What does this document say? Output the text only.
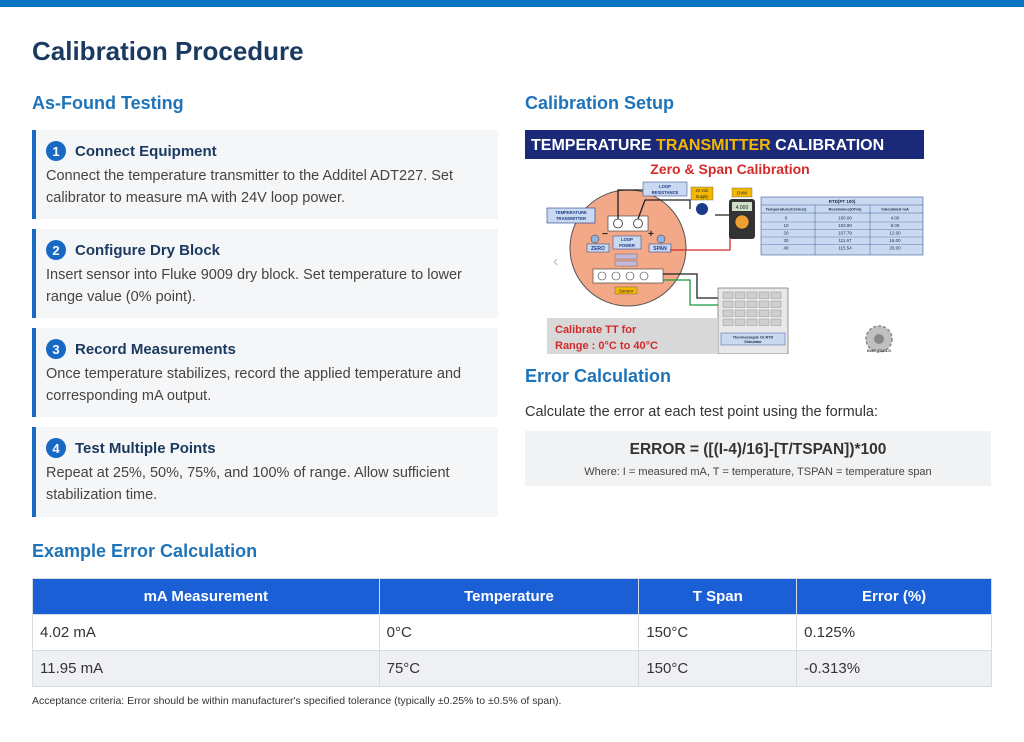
Calibration Procedure
As-Found Testing
1	Connect Equipment
Connect the temperature transmitter to the Additel ADT227. Set calibrator to measure mA with 24V loop power.
2	Configure Dry Block
Insert sensor into Fluke 9009 dry block. Set temperature to lower range value (0% point).
3	Record Measurements
Once temperature stabilizes, record the applied temperature and corresponding mA output.
4	Test Multiple Points
Repeat at 25%, 50%, 75%, and 100% of range. Allow sufficient stabilization time.
Calibration Setup
TEMPERATURE TRANSMITTER CALIBRATION
Zero & Span Calibration
‹
TEMPERATURE
TRANSMITTER
−	+
ZERO	SPAN
LOOP
POWER
Sensor
LOOP
RESISTANCE	24 Vdc
Supply
DVM
4.000
RTD(PT 100)
Temperature(Celsius)	Resistance(Ohm)	Calculated mA
0	100.00	4.00
10	103.90	8.00
20	107.79	12.00
30	111.67	16.00
40	115.54	20.00
Thermocouple Or RTD
Simulator
Calibrate TT for
Range : 0°C to 40°C	INST TOOLS
Error Calculation

Calculate the error at each test point using the formula:

ERROR = ([(I-4)/16]-[T/TSPAN])*100
Where: I = measured mA, T = temperature, TSPAN = temperature span
Example Error Calculation
mA Measurement	Temperature	T Span	Error (%)
4.02 mA	0°C	150°C	0.125%
11.95 mA	75°C	150°C	-0.313%

Acceptance criteria: Error should be within manufacturer's specified tolerance (typically ±0.25% to ±0.5% of span).
